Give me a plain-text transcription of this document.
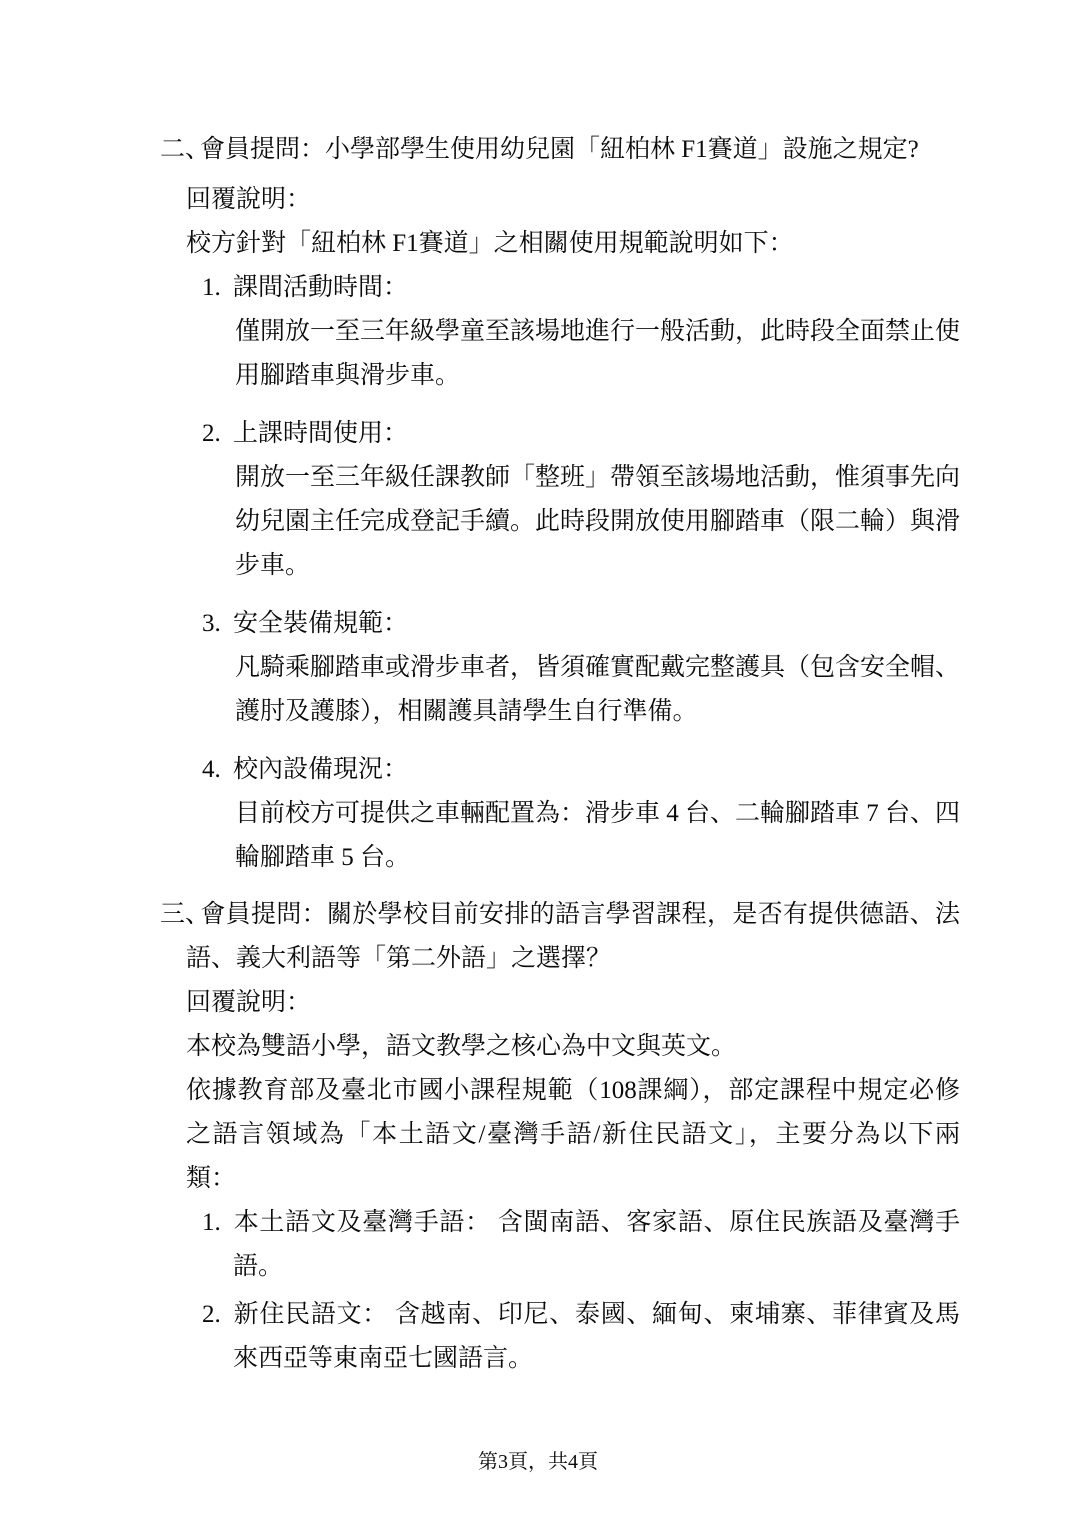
二、會員提問：小學部學生使用幼兒園「紐柏林 F1賽道」設施之規定?

回覆說明：

校方針對「紐柏林 F1賽道」之相關使用規範說明如下：

1. 課間活動時間：

僅開放一至三年級學童至該場地進行一般活動，此時段全面禁止使用腳踏車與滑步車。

2. 上課時間使用：

開放一至三年級任課教師「整班」帶領至該場地活動，惟須事先向幼兒園主任完成登記手續。此時段開放使用腳踏車（限二輪）與滑步車。

3. 安全裝備規範：

凡騎乘腳踏車或滑步車者，皆須確實配戴完整護具（包含安全帽、護肘及護膝），相關護具請學生自行準備。

4. 校內設備現況：

目前校方可提供之車輛配置為：滑步車 4 台、二輪腳踏車 7 台、四輪腳踏車 5 台。

三、會員提問：關於學校目前安排的語言學習課程，是否有提供德語、法語、義大利語等「第二外語」之選擇？

回覆說明：

本校為雙語小學，語文教學之核心為中文與英文。

依據教育部及臺北市國小課程規範（108課綱），部定課程中規定必修之語言領域為「本土語文/臺灣手語/新住民語文」，主要分為以下兩類：

1. 本土語文及臺灣手語： 含閩南語、客家語、原住民族語及臺灣手語。

2. 新住民語文： 含越南、印尼、泰國、緬甸、柬埔寨、菲律賓及馬來西亞等東南亞七國語言。

第3頁，共4頁
